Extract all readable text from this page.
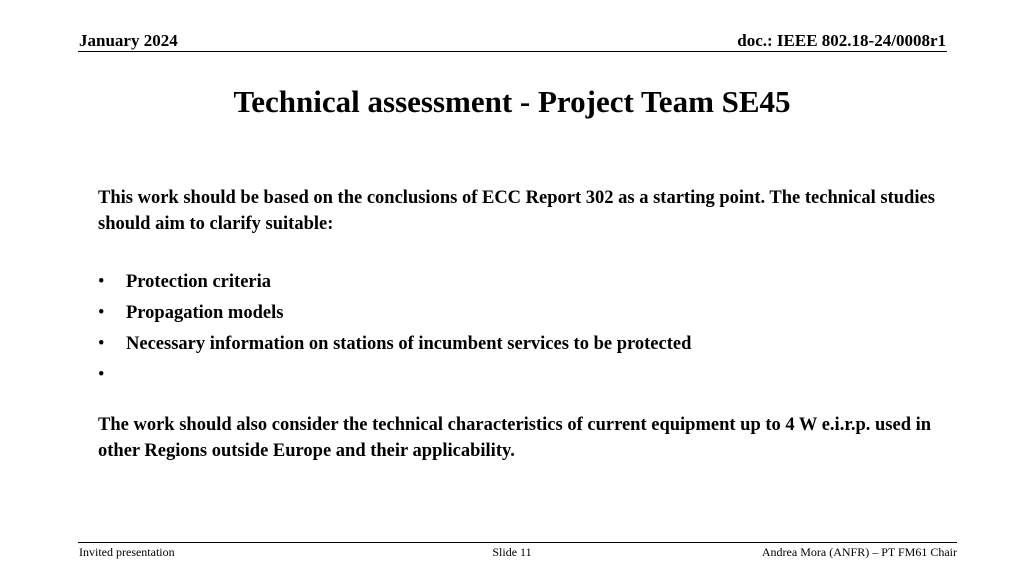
January 2024	doc.: IEEE 802.18-24/0008r1
Technical assessment - Project Team SE45

This work should be based on the conclusions of ECC Report 302 as a starting point. The technical studies should aim to clarify suitable:

• Protection criteria
• Propagation models
• Necessary information on stations of incumbent services to be protected
•

The work should also consider the technical characteristics of current equipment up to 4 W e.i.r.p. used in other Regions outside Europe and their applicability.

Invited presentation	Slide 11	Andrea Mora (ANFR) – PT FM61 Chair
